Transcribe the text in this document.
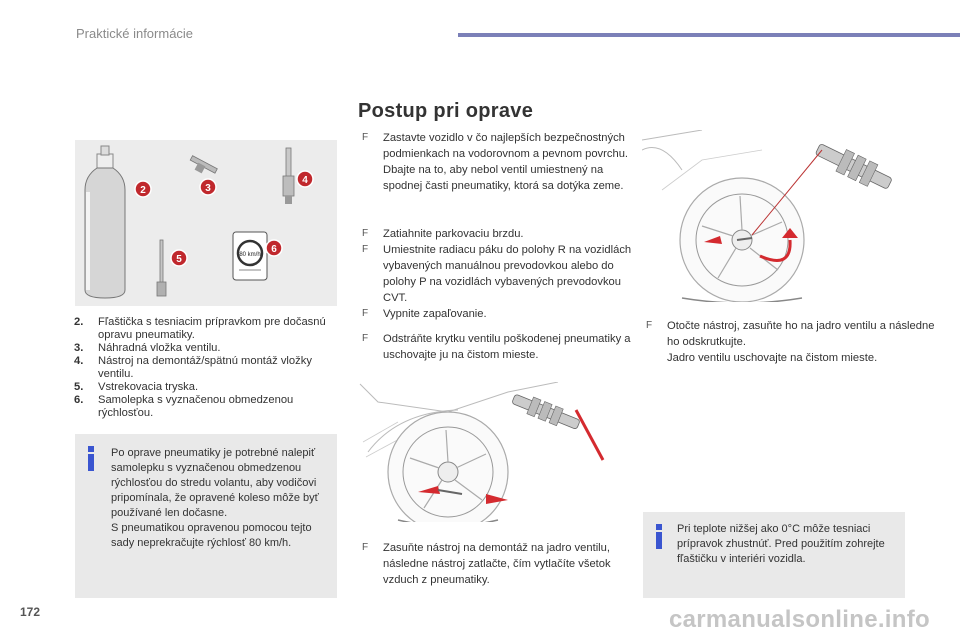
Praktické informácie
80 km/h
2	3
4
5
6
2. Fľaštička s tesniacim prípravkom pre dočasnú opravu pneumatiky.
3. Náhradná vložka ventilu.
4. Nástroj na demontáž/spätnú montáž vložky ventilu.
5. Vstrekovacia tryska.
6. Samolepka s vyznačenou obmedzenou rýchlosťou.
Po oprave pneumatiky je potrebné nalepiť samolepku s vyznačenou obmedzenou rýchlosťou do stredu volantu, aby vodičovi pripomínala, že opravené koleso môže byť používané len dočasne.
S pneumatikou opravenou pomocou tejto sady neprekračujte rýchlosť 80 km/h.
Postup pri oprave
F Zastavte vozidlo v čo najlepších bezpečnostných podmienkach na vodorovnom a pevnom povrchu.

Dbajte na to, aby nebol ventil umiestnený na spodnej časti pneumatiky, ktorá sa dotýka zeme.

F Zatiahnite parkovaciu brzdu.

F Umiestnite radiacu páku do polohy R na vozidlách vybavených manuálnou prevodovkou alebo do polohy P na vozidlách vybavených prevodovkou CVT.

F Vypnite zapaľovanie.

F Odstráňte krytku ventilu poškodenej pneumatiky a uschovajte ju na čistom mieste.

F Zasuňte nástroj na demontáž na jadro ventilu, následne nástroj zatlačte, čím vytlačíte všetok vzduch z pneumatiky.

F Otočte nástroj, zasuňte ho na jadro ventilu a následne ho odskrutkujte.

Jadro ventilu uschovajte na čistom mieste.

Pri teplote nižšej ako 0°C môže tesniaci prípravok zhustnúť. Pred použitím zohrejte fľaštičku v interiéri vozidla.
172	carmanualsonline.info
